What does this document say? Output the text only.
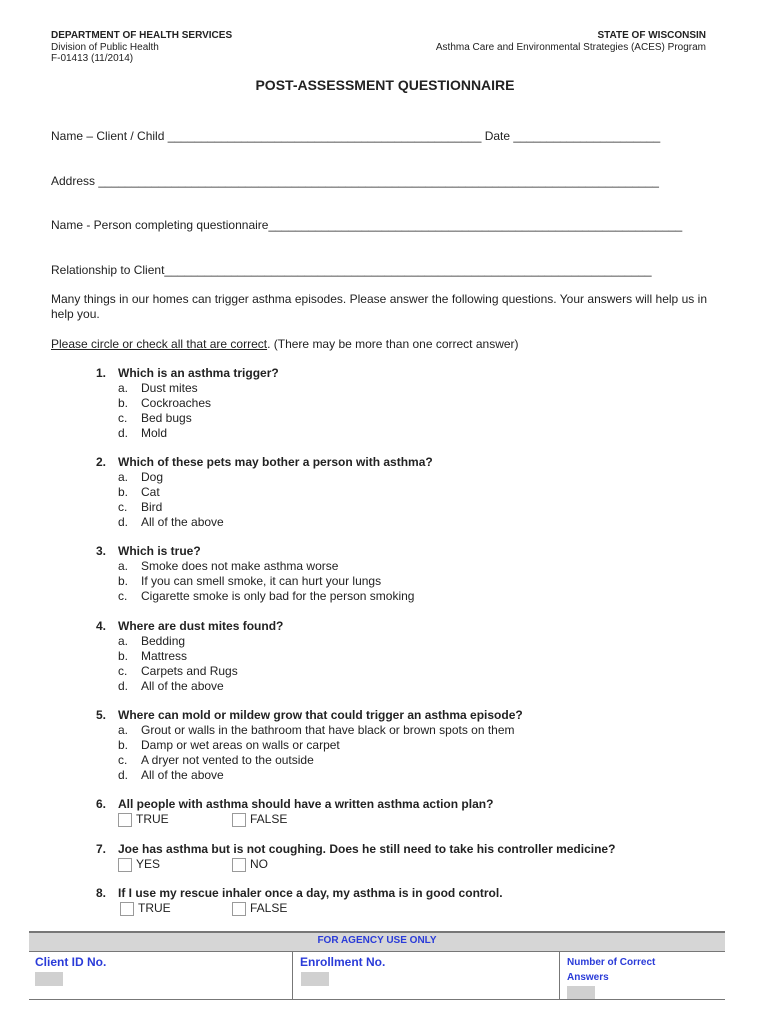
DEPARTMENT OF HEALTH SERVICES
Division of Public Health
F-01413 (11/2014)
STATE OF WISCONSIN
Asthma Care and Environmental Strategies (ACES) Program
POST-ASSESSMENT QUESTIONNAIRE
Name – Client / Child _______________________________________________ Date ______________________
Address ____________________________________________________________________________________
Name - Person completing questionnaire______________________________________________________________
Relationship to Client_________________________________________________________________________
Many things in our homes can trigger asthma episodes. Please answer the following questions. Your answers will help us in help you.
Please circle or check all that are correct. (There may be more than one correct answer)
1. Which is an asthma trigger?
a. Dust mites
b. Cockroaches
c. Bed bugs
d. Mold
2. Which of these pets may bother a person with asthma?
a. Dog
b. Cat
c. Bird
d. All of the above
3. Which is true?
a. Smoke does not make asthma worse
b. If you can smell smoke, it can hurt your lungs
c. Cigarette smoke is only bad for the person smoking
4. Where are dust mites found?
a. Bedding
b. Mattress
c. Carpets and Rugs
d. All of the above
5. Where can mold or mildew grow that could trigger an asthma episode?
a. Grout or walls in the bathroom that have black or brown spots on them
b. Damp or wet areas on walls or carpet
c. A dryer not vented to the outside
d. All of the above
6. All people with asthma should have a written asthma action plan?
TRUE	FALSE
7. Joe has asthma but is not coughing. Does he still need to take his controller medicine?
YES	NO
8. If I use my rescue inhaler once a day, my asthma is in good control.
TRUE	FALSE
FOR AGENCY USE ONLY
Client ID No.	Enrollment No.	Number of Correct
Answers
